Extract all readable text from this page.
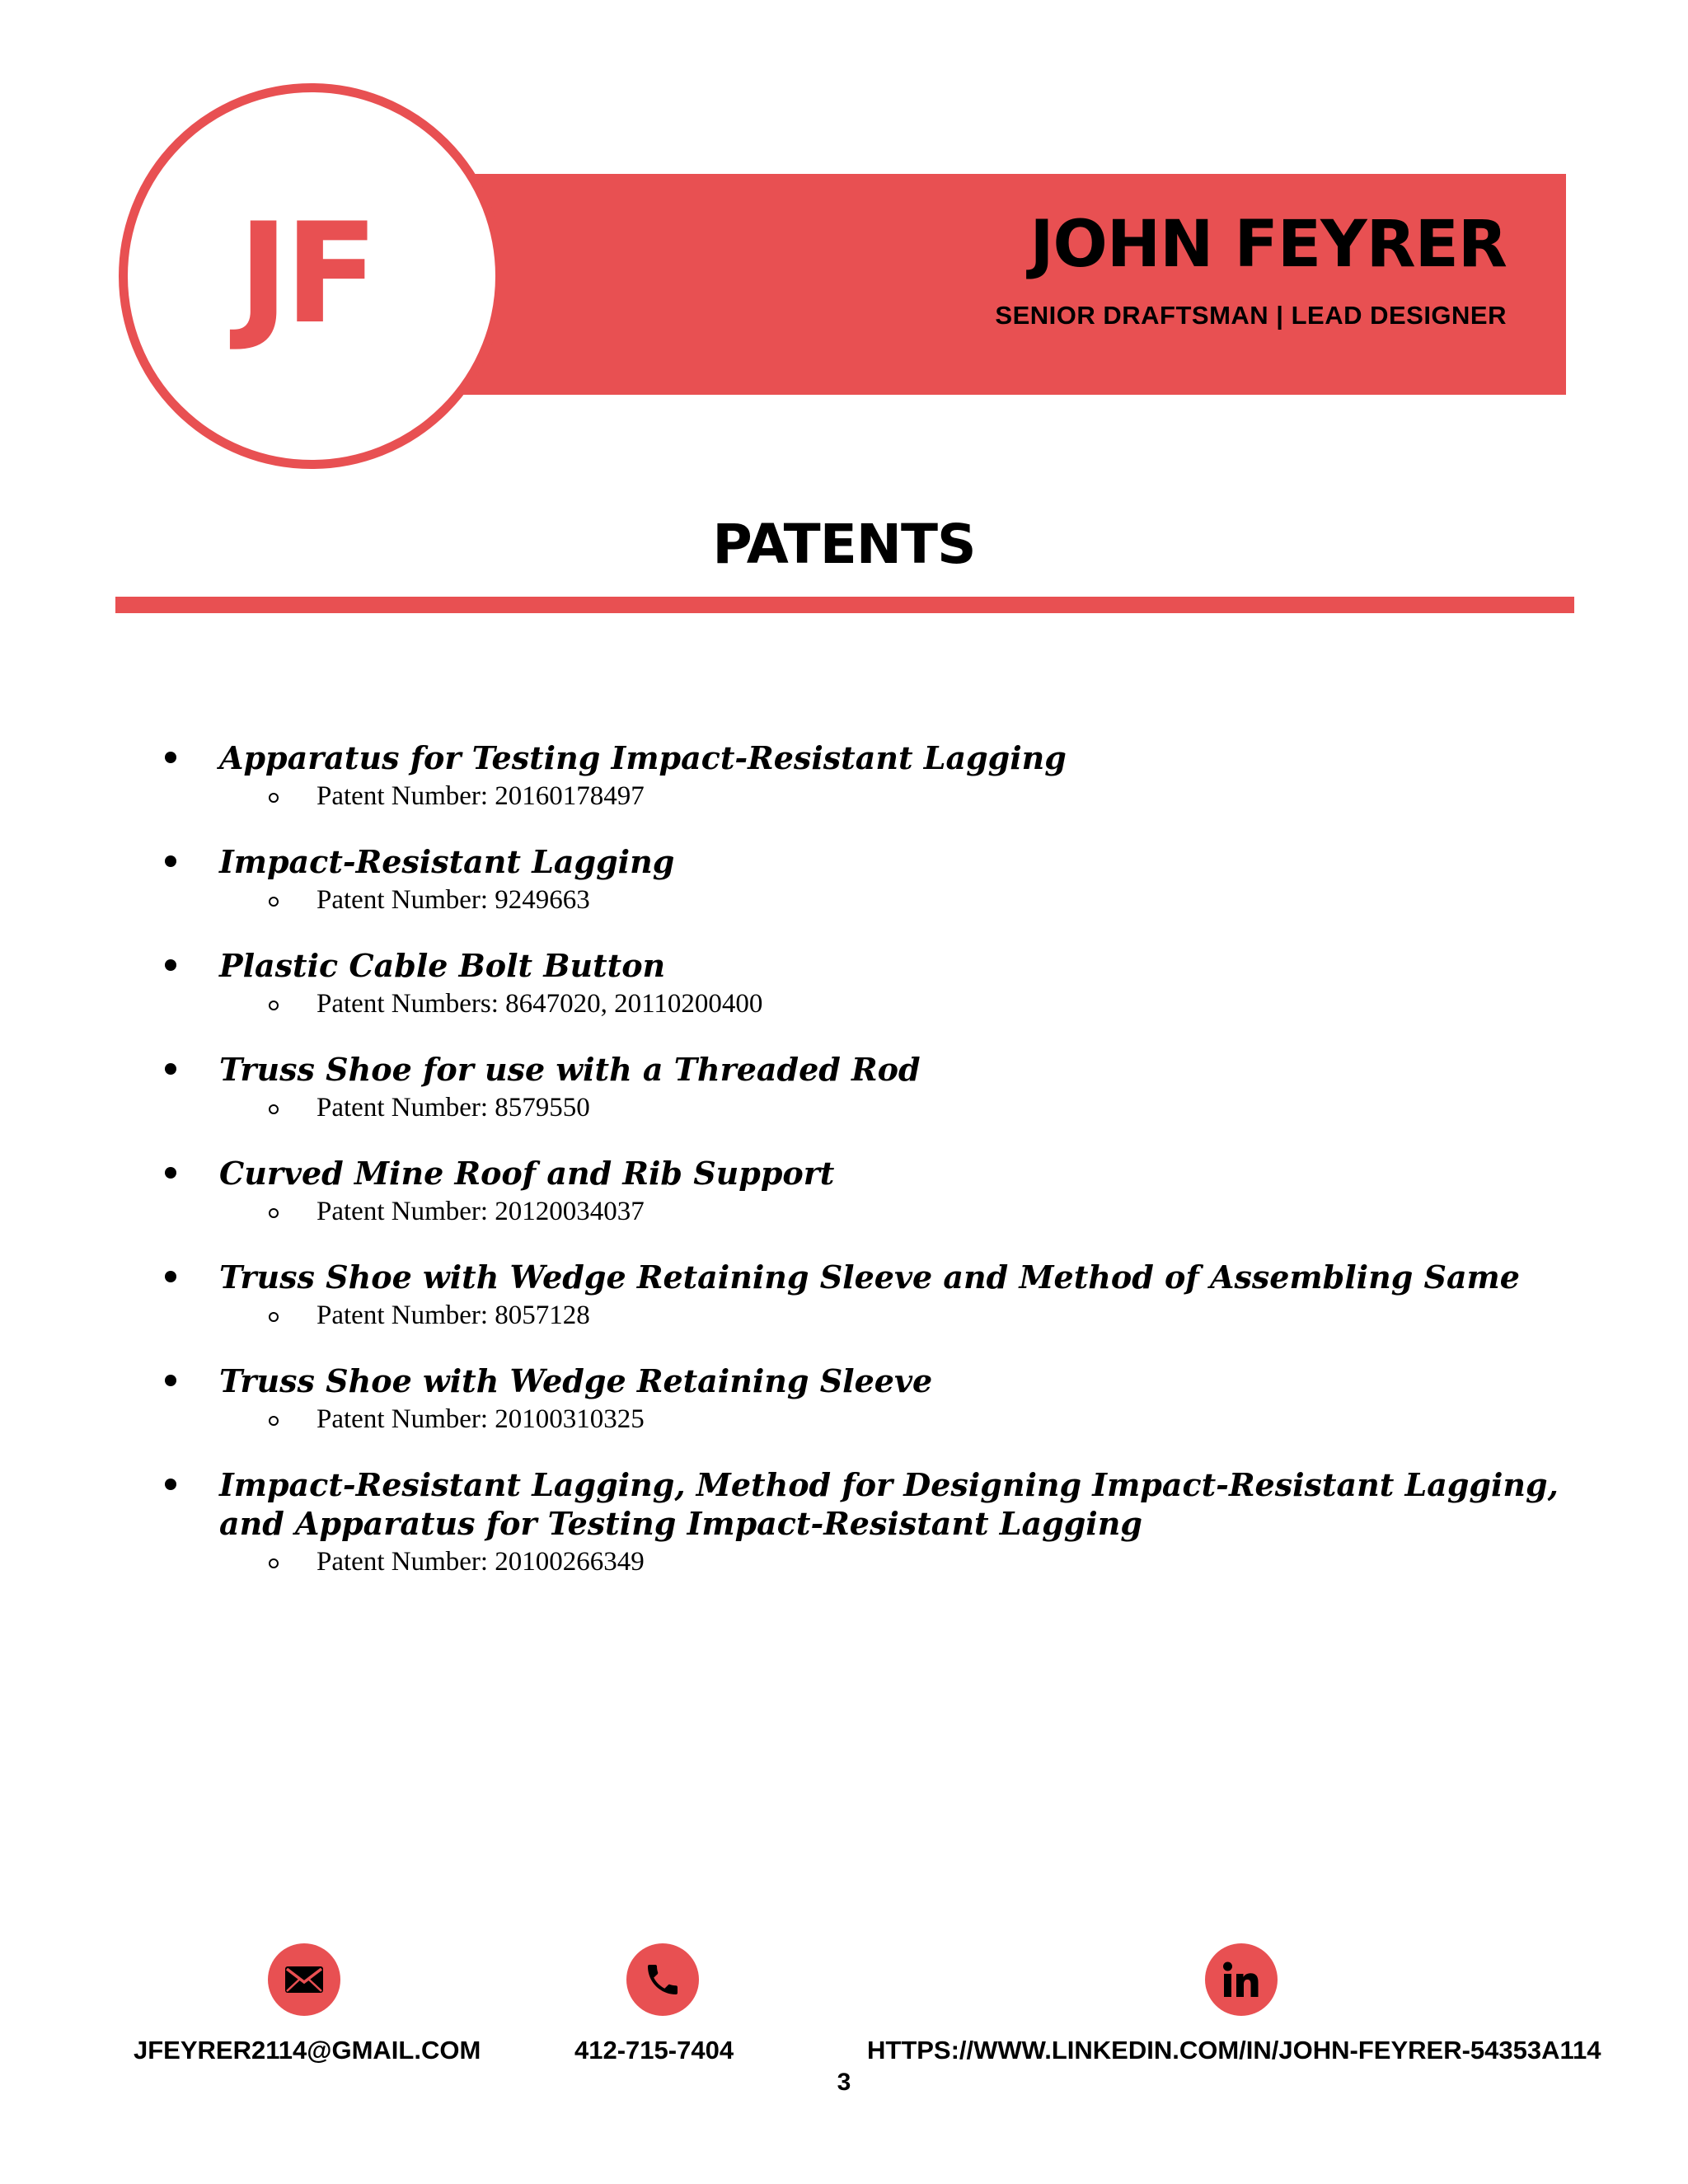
JF	JOHN FEYRER

SENIOR DRAFTSMAN | LEAD DESIGNER

PATENTS
Apparatus for Testing Impact-Resistant Lagging
Patent Number: 20160178497
Impact-Resistant Lagging
Patent Number: 9249663
Plastic Cable Bolt Button
Patent Numbers: 8647020, 20110200400
Truss Shoe for use with a Threaded Rod
Patent Number: 8579550
Curved Mine Roof and Rib Support
Patent Number: 20120034037
Truss Shoe with Wedge Retaining Sleeve and Method of Assembling Same
Patent Number: 8057128
Truss Shoe with Wedge Retaining Sleeve
Patent Number: 20100310325
Impact-Resistant Lagging, Method for Designing Impact-Resistant Lagging, and Apparatus for Testing Impact-Resistant Lagging
Patent Number: 20100266349
JFEYRER2114@GMAIL.COM	412-715-7404	HTTPS://WWW.LINKEDIN.COM/IN/JOHN-FEYRER-54353A114
3
